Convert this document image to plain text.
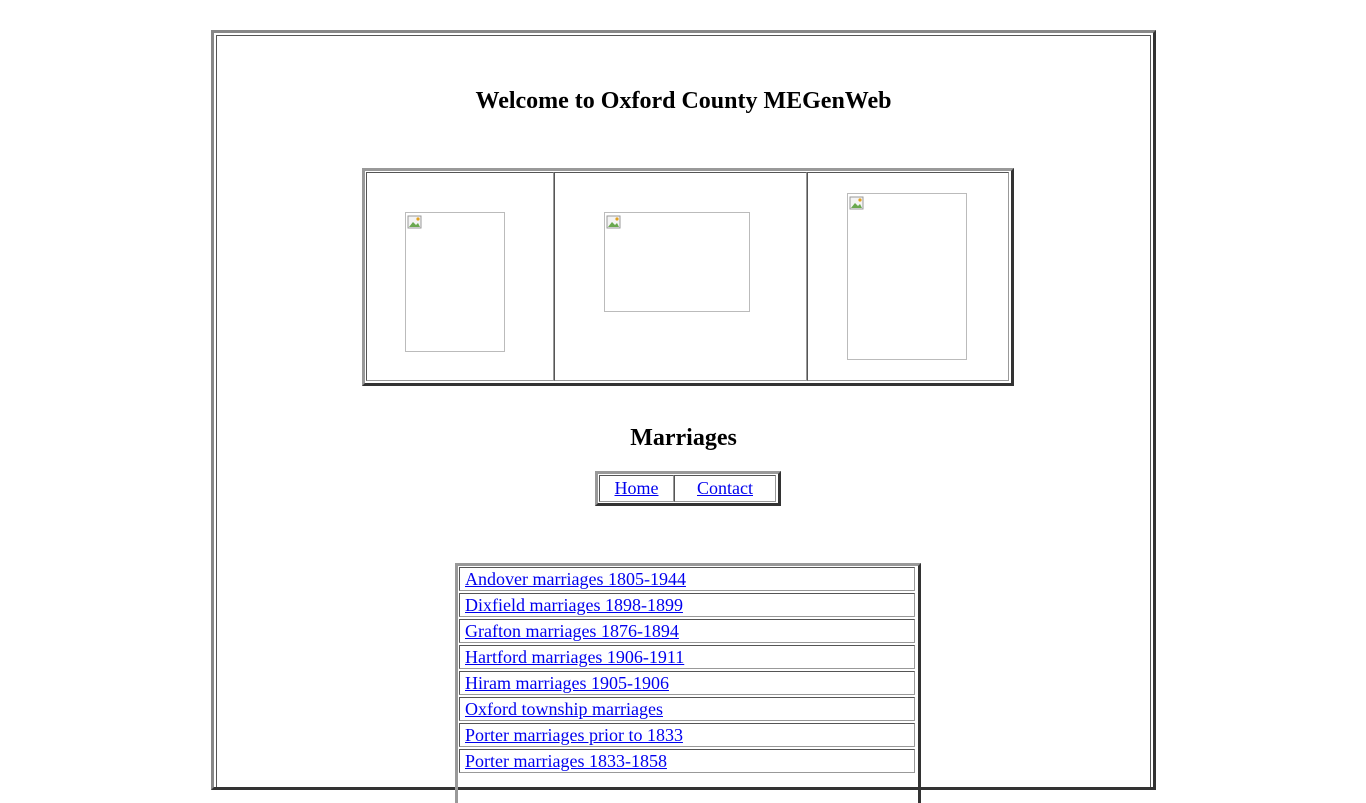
Welcome to Oxford County MEGenWeb
Marriages
Home	Contact
Andover marriages 1805-1944
Dixfield marriages 1898-1899
Grafton marriages 1876-1894
Hartford marriages 1906-1911
Hiram marriages 1905-1906
Oxford township marriages
Porter marriages prior to 1833
Porter marriages 1833-1858
